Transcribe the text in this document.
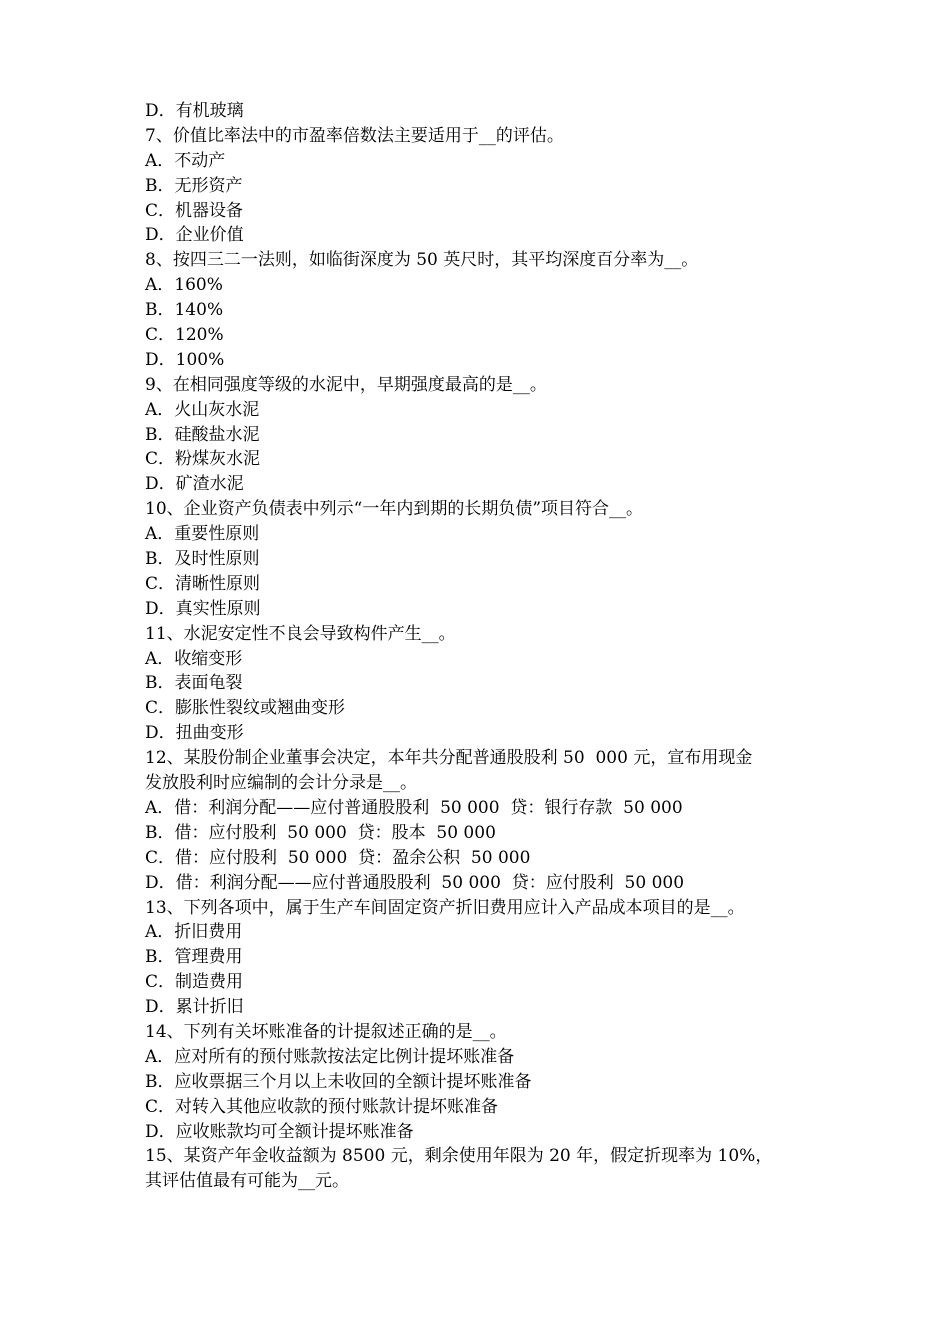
D．有机玻璃
7、价值比率法中的市盈率倍数法主要适用于__的评估。
A．不动产
B．无形资产
C．机器设备
D．企业价值
8、按四三二一法则，如临街深度为 50 英尺时，其平均深度百分率为__。
A．160%
B．140%
C．120%
D．100%
9、在相同强度等级的水泥中，早期强度最高的是__。
A．火山灰水泥
B．硅酸盐水泥
C．粉煤灰水泥
D．矿渣水泥
10、企业资产负债表中列示“一年内到期的长期负债”项目符合__。
A．重要性原则
B．及时性原则
C．清晰性原则
D．真实性原则
11、水泥安定性不良会导致构件产生__。
A．收缩变形
B．表面龟裂
C．膨胀性裂纹或翘曲变形
D．扭曲变形
12、某股份制企业董事会决定，本年共分配普通股股利 50  000 元，宣布用现金
发放股利时应编制的会计分录是__。
A．借：利润分配——应付普通股股利  50 000  贷：银行存款  50 000
B．借：应付股利  50 000  贷：股本  50 000
C．借：应付股利  50 000  贷：盈余公积  50 000
D．借：利润分配——应付普通股股利  50 000  贷：应付股利  50 000
13、下列各项中，属于生产车间固定资产折旧费用应计入产品成本项目的是__。
A．折旧费用
B．管理费用
C．制造费用
D．累计折旧
14、下列有关坏账准备的计提叙述正确的是__。
A．应对所有的预付账款按法定比例计提坏账准备
B．应收票据三个月以上未收回的全额计提坏账准备
C．对转入其他应收款的预付账款计提坏账准备
D．应收账款均可全额计提坏账准备
15、某资产年金收益额为 8500 元，剩余使用年限为 20 年，假定折现率为 10%，
其评估值最有可能为__元。
